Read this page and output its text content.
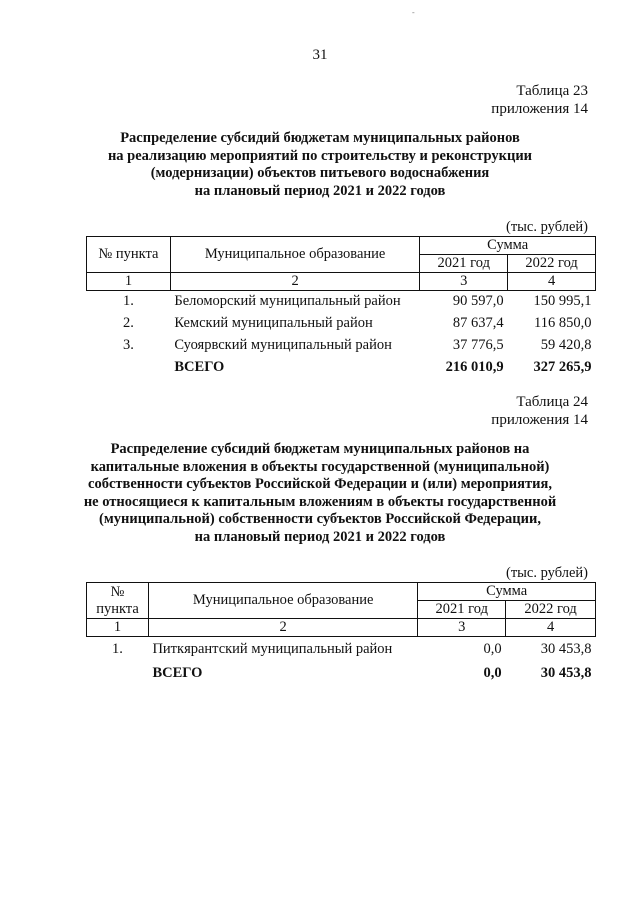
-
31
Таблица 23
приложения 14
Распределение субсидий бюджетам муниципальных районов
на реализацию мероприятий по строительству и реконструкции
(модернизации) объектов питьевого водоснабжения
на плановый период 2021 и 2022 годов
(тыс. рублей)
№ пункта	Муниципальное образование	Сумма	
		2021 год	2022 год
1	2	3	4
1.	Беломорский муниципальный район	90 597,0	150 995,1
2.	Кемский муниципальный район	87 637,4	116 850,0
3.	Суоярвский муниципальный район	37 776,5	59 420,8
	ВСЕГО	216 010,9	327 265,9
Таблица 24
приложения 14
Распределение субсидий бюджетам муниципальных районов на
капитальные вложения в объекты государственной (муниципальной)
собственности субъектов Российской Федерации и (или) мероприятия,
не относящиеся к капитальным вложениям в объекты государственной
(муниципальной) собственности субъектов Российской Федерации,
на плановый период 2021 и 2022 годов
(тыс. рублей)
№
пункта	Муниципальное образование	Сумма	
		2021 год	2022 год
1	2	3	4
1.	Питкярантский муниципальный район	0,0	30 453,8
	ВСЕГО	0,0	30 453,8
